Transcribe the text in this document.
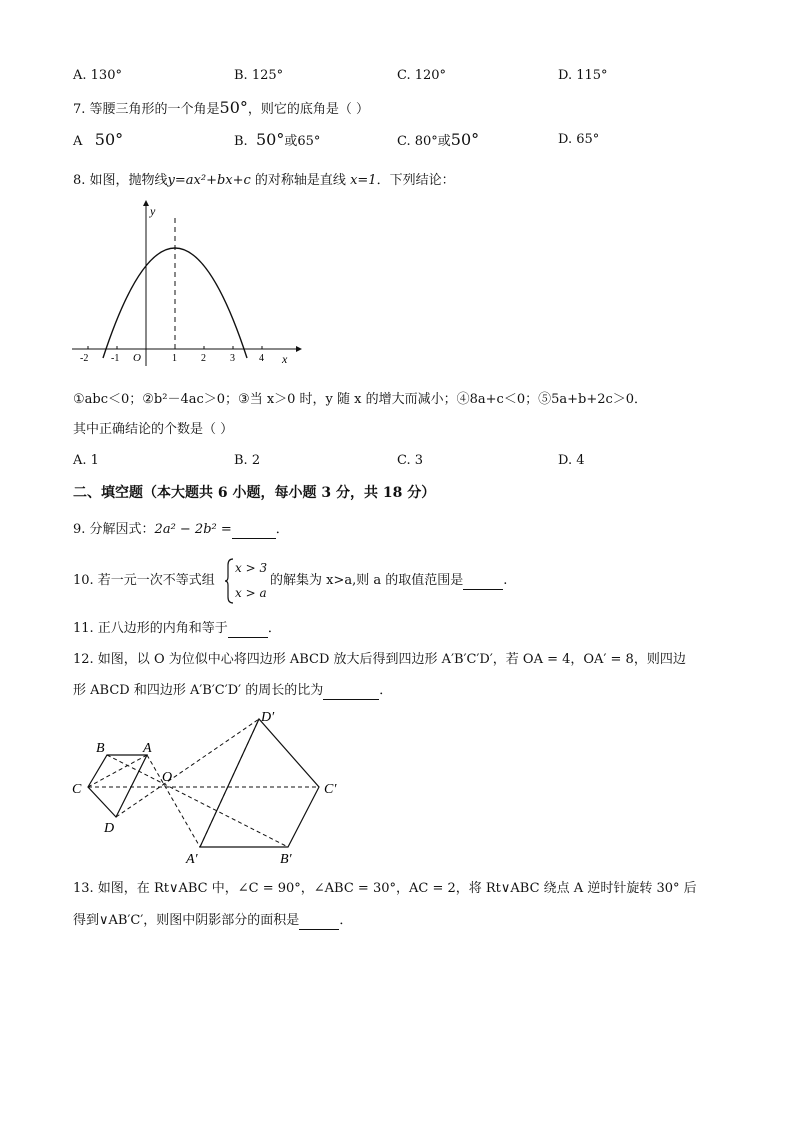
A. 130°	B. 125°	C. 120°	D. 115°
7. 等腰三角形的一个角是50°，则它的底角是（ ）
A 50°	B. 50°或65°	C. 80°或50°	D. 65°
8. 如图，抛物线y=ax²+bx+c 的对称轴是直线 x=1．下列结论：
y
x
O
-2 -1	1 2 3 4
①abc＜0；②b²－4ac＞0；③当 x＞0 时，y 随 x 的增大而减小；④8a+c＜0；⑤5a+b+2c＞0．
其中正确结论的个数是（ ）
A. 1	B. 2	C. 3	D. 4
二、填空题（本大题共 6 小题，每小题 3 分，共 18 分）
9. 分解因式：2a² − 2b² =	．
10. 若一元一次不等式组
x > 3
x > a
的解集为 x>a,则 a 的取值范围是	.
11. 正八边形的内角和等于	．
12. 如图，以 O 为位似中心将四边形 ABCD 放大后得到四边形 A′B′C′D′，若 OA = 4，OA′ = 8，则四边
形 ABCD 和四边形 A′B′C′D′ 的周长的比为	．
B	A
C
D
O
D′
C′
A′	B′
13. 如图，在 Rt∨ABC 中，∠C = 90°，∠ABC = 30°，AC = 2，将 Rt∨ABC 绕点 A 逆时针旋转 30° 后
得到∨AB′C′，则图中阴影部分的面积是	．
